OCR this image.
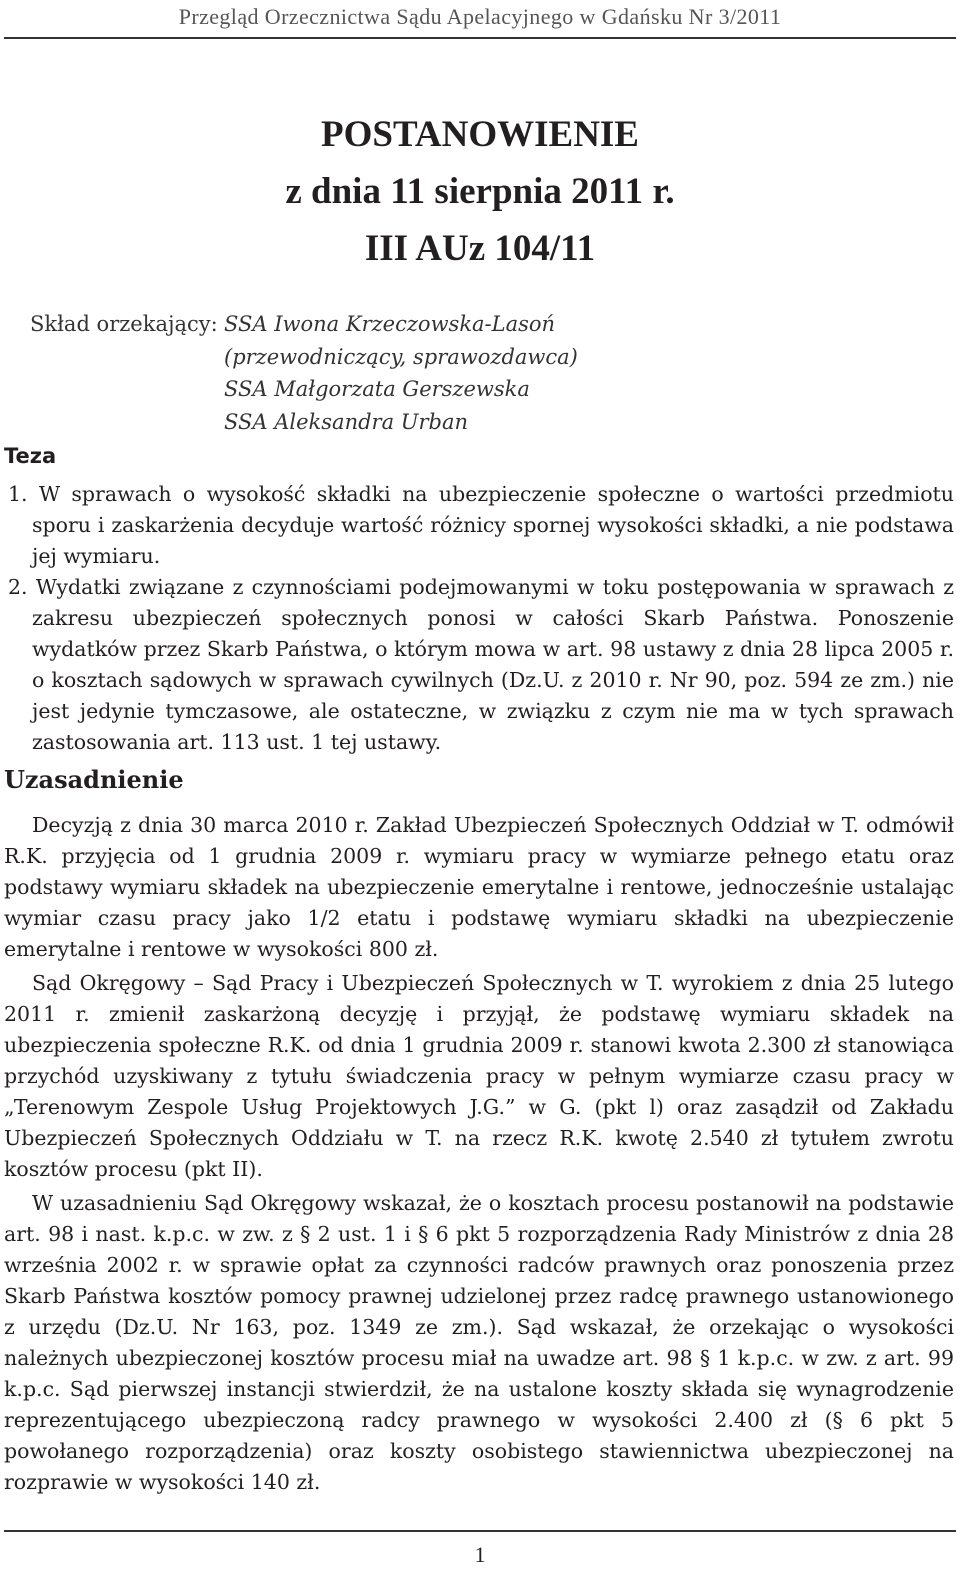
Przegląd Orzecznictwa Sądu Apelacyjnego w Gdańsku Nr 3/2011
POSTANOWIENIE
z dnia 11 sierpnia 2011 r.
III AUz 104/11
Skład orzekający: SSA Iwona Krzeczowska-Lasoń
(przewodniczący, sprawozdawca)
SSA Małgorzata Gerszewska
SSA Aleksandra Urban
Teza

1. W sprawach o wysokość składki na ubezpieczenie społeczne o wartości przedmiotu sporu i zaskarżenia decyduje wartość różnicy spornej wysokości składki, a nie podstawa jej wymiaru.

2. Wydatki związane z czynnościami podejmowanymi w toku postępowania w sprawach z zakresu ubezpieczeń społecznych ponosi w całości Skarb Państwa. Ponoszenie wydatków przez Skarb Państwa, o którym mowa w art. 98 ustawy z dnia 28 lipca 2005 r. o kosztach sądowych w sprawach cywilnych (Dz.U. z 2010 r. Nr 90, poz. 594 ze zm.) nie jest jedynie tymczasowe, ale ostateczne, w związku z czym nie ma w tych sprawach zastosowania art. 113 ust. 1 tej ustawy.

Uzasadnienie

Decyzją z dnia 30 marca 2010 r. Zakład Ubezpieczeń Społecznych Oddział w T. odmówił R.K. przyjęcia od 1 grudnia 2009 r. wymiaru pracy w wymiarze pełnego etatu oraz podstawy wymiaru składek na ubezpieczenie emerytalne i rentowe, jednocześnie ustalając wymiar czasu pracy jako 1/2 etatu i podstawę wymiaru składki na ubezpieczenie emerytalne i rentowe w wysokości 800 zł.

Sąd Okręgowy – Sąd Pracy i Ubezpieczeń Społecznych w T. wyrokiem z dnia 25 lutego 2011 r. zmienił zaskarżoną decyzję i przyjął, że podstawę wymiaru składek na ubezpieczenia społeczne R.K. od dnia 1 grudnia 2009 r. stanowi kwota 2.300 zł stanowiąca przychód uzyskiwany z tytułu świadczenia pracy w pełnym wymiarze czasu pracy w „Terenowym Zespole Usług Projektowych J.G.” w G. (pkt l) oraz zasądził od Zakładu Ubezpieczeń Społecznych Oddziału w T. na rzecz R.K. kwotę 2.540 zł tytułem zwrotu kosztów procesu (pkt II).

W uzasadnieniu Sąd Okręgowy wskazał, że o kosztach procesu postanowił na podstawie art. 98 i nast. k.p.c. w zw. z § 2 ust. 1 i § 6 pkt 5 rozporządzenia Rady Ministrów z dnia 28 września 2002 r. w sprawie opłat za czynności radców prawnych oraz ponoszenia przez Skarb Państwa kosztów pomocy prawnej udzielonej przez radcę prawnego ustanowionego z urzędu (Dz.U. Nr 163, poz. 1349 ze zm.). Sąd wskazał, że orzekając o wysokości należnych ubezpieczonej kosztów procesu miał na uwadze art. 98 § 1 k.p.c. w zw. z art. 99 k.p.c. Sąd pierwszej instancji stwierdził, że na ustalone koszty składa się wynagrodzenie reprezentującego ubezpieczoną radcy prawnego w wysokości 2.400 zł (§ 6 pkt 5 powołanego rozporządzenia) oraz koszty osobistego stawiennictwa ubezpieczonej na rozprawie w wysokości 140 zł.

1
